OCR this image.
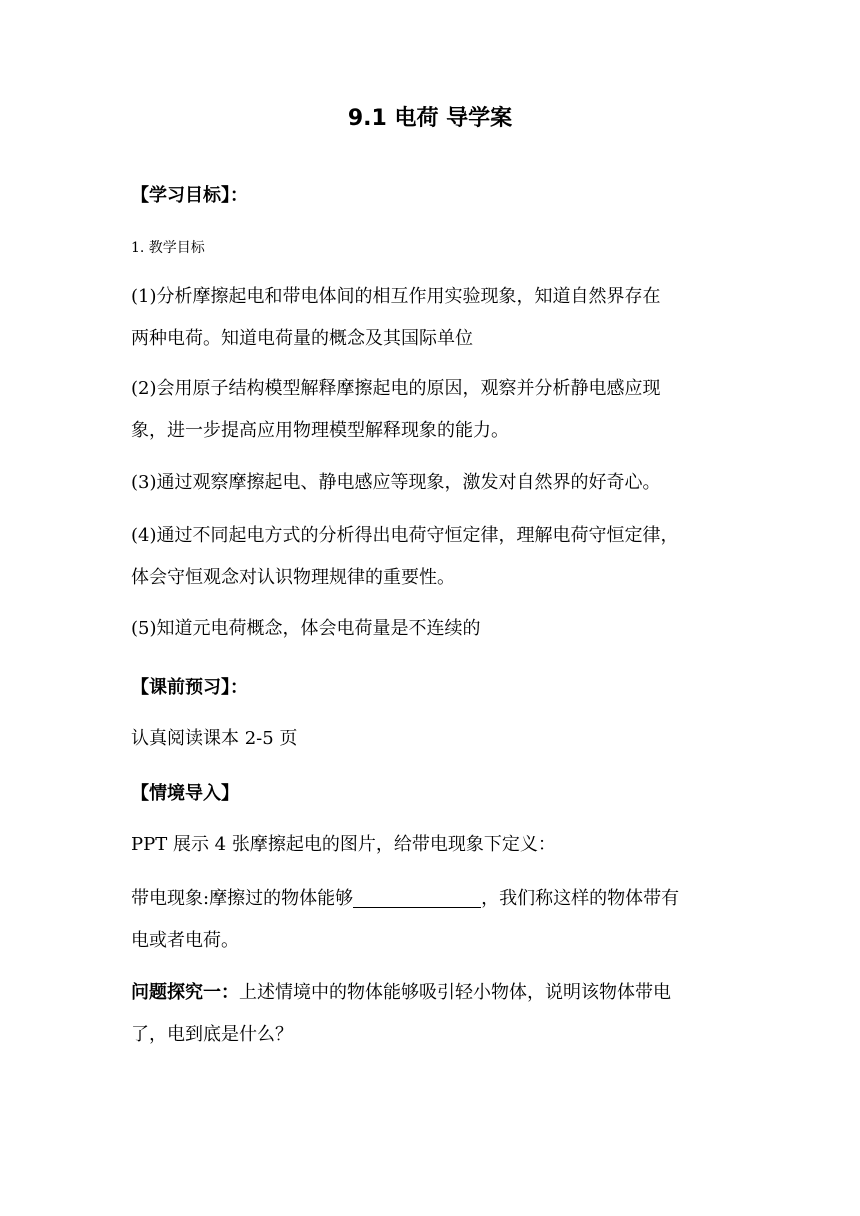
9.1 电荷 导学案
【学习目标】：
1. 教学目标
(1)分析摩擦起电和带电体间的相互作用实验现象，知道自然界存在
两种电荷。知道电荷量的概念及其国际单位
(2)会用原子结构模型解释摩擦起电的原因，观察并分析静电感应现
象，进一步提高应用物理模型解释现象的能力。
(3)通过观察摩擦起电、静电感应等现象，激发对自然界的好奇心。
(4)通过不同起电方式的分析得出电荷守恒定律，理解电荷守恒定律，
体会守恒观念对认识物理规律的重要性。
(5)知道元电荷概念，体会电荷量是不连续的
【课前预习】：
认真阅读课本 2-5 页
【情境导入】
PPT 展示 4 张摩擦起电的图片，给带电现象下定义：
带电现象:摩擦过的物体能够	，我们称这样的物体带有
电或者电荷。
问题探究一：上述情境中的物体能够吸引轻小物体，说明该物体带电
了，电到底是什么？
